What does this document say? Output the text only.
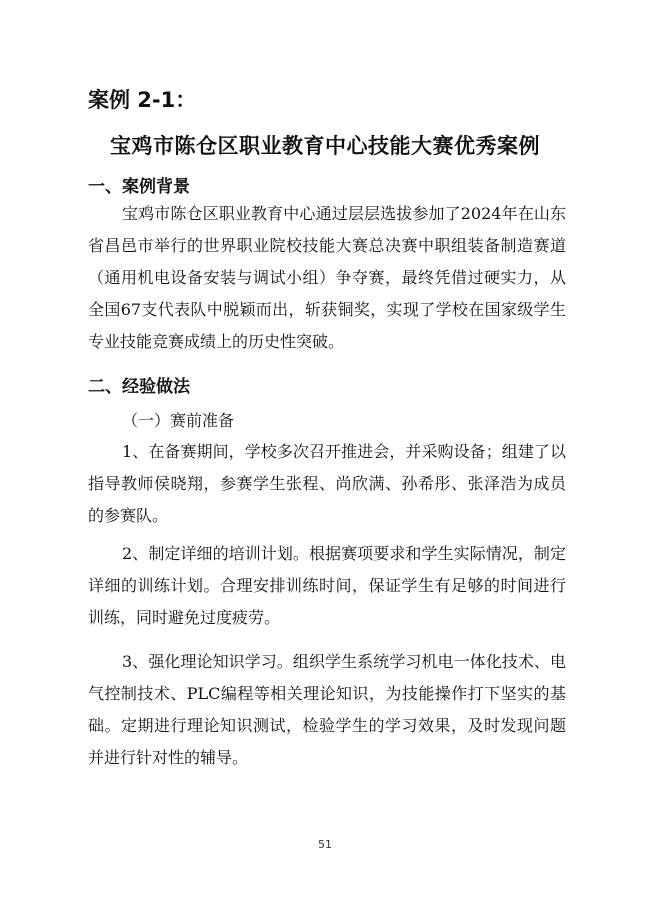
案例 2-1：
宝鸡市陈仓区职业教育中心技能大赛优秀案例
一、案例背景
宝鸡市陈仓区职业教育中心通过层层选拔参加了2024年在山东省昌邑市举行的世界职业院校技能大赛总决赛中职组装备制造赛道（通用机电设备安装与调试小组）争夺赛，最终凭借过硬实力，从全国67支代表队中脱颖而出，斩获铜奖，实现了学校在国家级学生专业技能竞赛成绩上的历史性突破。
二、经验做法
（一）赛前准备
1、在备赛期间，学校多次召开推进会，并采购设备；组建了以指导教师侯晓翔，参赛学生张程、尚欣满、孙希彤、张泽浩为成员的参赛队。
2、制定详细的培训计划。根据赛项要求和学生实际情况，制定详细的训练计划。合理安排训练时间，保证学生有足够的时间进行训练，同时避免过度疲劳。
3、强化理论知识学习。组织学生系统学习机电一体化技术、电气控制技术、PLC编程等相关理论知识，为技能操作打下坚实的基础。定期进行理论知识测试，检验学生的学习效果，及时发现问题并进行针对性的辅导。
51
